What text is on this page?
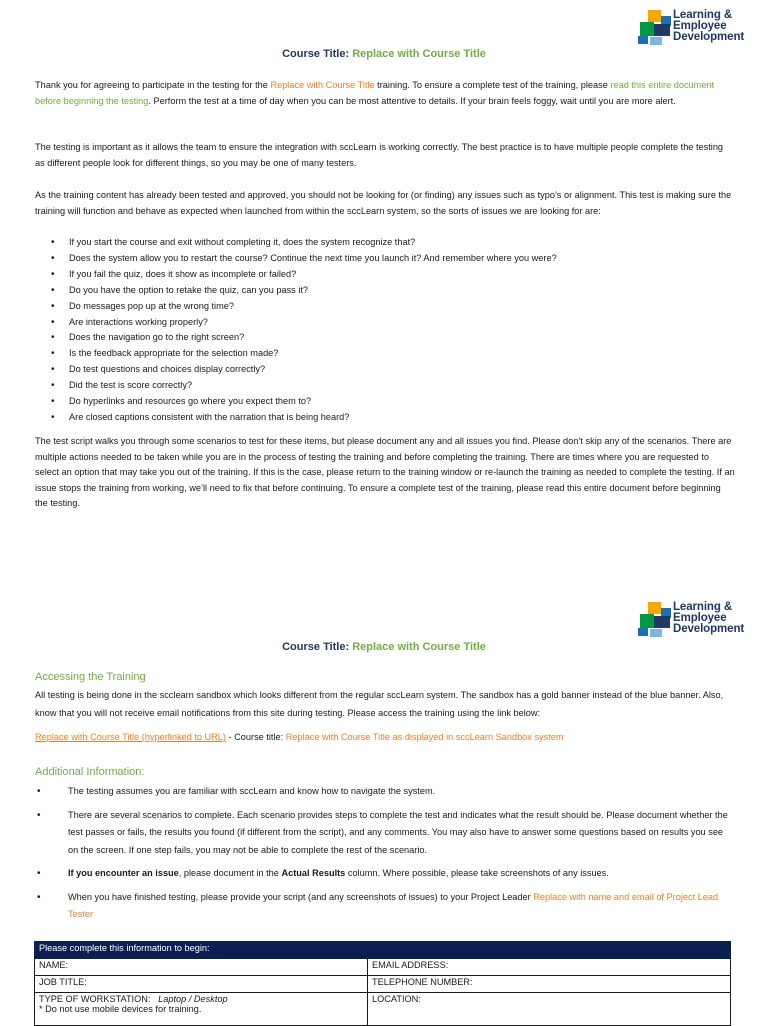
Learning &
Employee
Development
Course Title: Replace with Course Title

Thank you for agreeing to participate in the testing for the Replace with Course Title training. To ensure a complete test of the training, please read this entire document before beginning the testing. Perform the test at a time of day when you can be most attentive to details. If your brain feels foggy, wait until you are more alert.

The testing is important as it allows the team to ensure the integration with sccLearn is working correctly. The best practice is to have multiple people complete the testing as different people look for different things, so you may be one of many testers.

As the training content has already been tested and approved, you should not be looking for (or finding) any issues such as typo’s or alignment. This test is making sure the training will function and behave as expected when launched from within the sccLearn system, so the sorts of issues we are looking for are:

• If you start the course and exit without completing it, does the system recognize that?
• Does the system allow you to restart the course? Continue the next time you launch it? And remember where you were?
• If you fail the quiz, does it show as incomplete or failed?
• Do you have the option to retake the quiz, can you pass it?
• Do messages pop up at the wrong time?
• Are interactions working properly?
• Does the navigation go to the right screen?
• Is the feedback appropriate for the selection made?
• Do test questions and choices display correctly?
• Did the test is score correctly?
• Do hyperlinks and resources go where you expect them to?
• Are closed captions consistent with the narration that is being heard?

The test script walks you through some scenarios to test for these items, but please document any and all issues you find. Please don’t skip any of the scenarios. There are multiple actions needed to be taken while you are in the process of testing the training and before completing the training. There are times where you are requested to select an option that may take you out of the training. If this is the case, please return to the training window or re-launch the training as needed to complete the testing. If an issue stops the training from working, we’ll need to fix that before continuing. To ensure a complete test of the training, please read this entire document before beginning the testing.

Learning &
Employee
Development
Course Title: Replace with Course Title
Accessing the Training

All testing is being done in the scclearn sandbox which looks different from the regular sccLearn system. The sandbox has a gold banner instead of the blue banner. Also, know that you will not receive email notifications from this site during testing. Please access the training using the link below:

Replace with Course Title (hyperlinked to URL) - Course title: Replace with Course Title as displayed in sccLearn Sandbox system
Additional Information:
• The testing assumes you are familiar with sccLearn and know how to navigate the system.
• There are several scenarios to complete. Each scenario provides steps to complete the test and indicates what the result should be. Please document whether the test passes or fails, the results you found (if different from the script), and any comments. You may also have to answer some questions based on results you see on the screen. If one step fails, you may not be able to complete the rest of the scenario.
• If you encounter an issue, please document in the Actual Results column. Where possible, please take screenshots of any issues.
• When you have finished testing, please provide your script (and any screenshots of issues) to your Project Leader Replace with name and email of Project Lead Tester
Please complete this information to begin:	
NAME:	EMAIL ADDRESS:
JOB TITLE:	TELEPHONE NUMBER:
TYPE OF WORKSTATION: Laptop / Desktop
* Do not use mobile devices for training.	LOCATION:
